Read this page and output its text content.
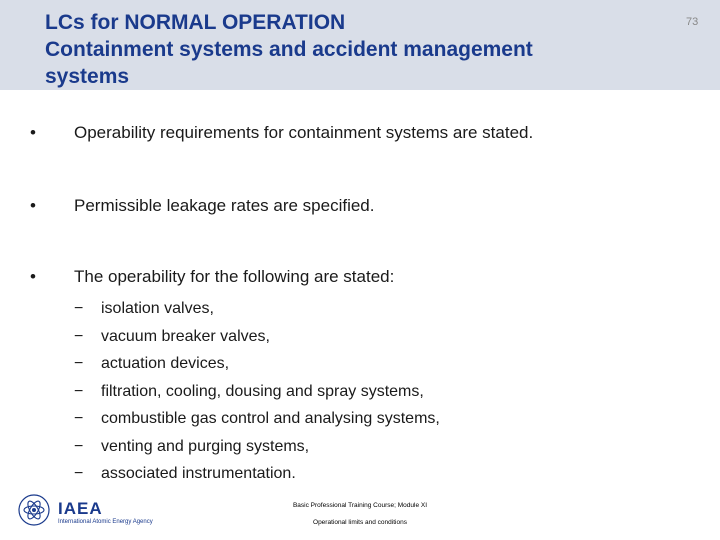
LCs for NORMAL OPERATION
Containment systems and accident management
systems
73
• Operability requirements for containment systems are stated.
• Permissible leakage rates are specified.
• The operability for the following are stated:
− isolation valves,
− vacuum breaker valves,
− actuation devices,
− filtration, cooling, dousing and spray systems,
− combustible gas control and analysing systems,
− venting and purging systems,
− associated instrumentation.
IAEA
International Atomic Energy Agency
Basic Professional Training Course; Module XI
Operational limits and conditions
